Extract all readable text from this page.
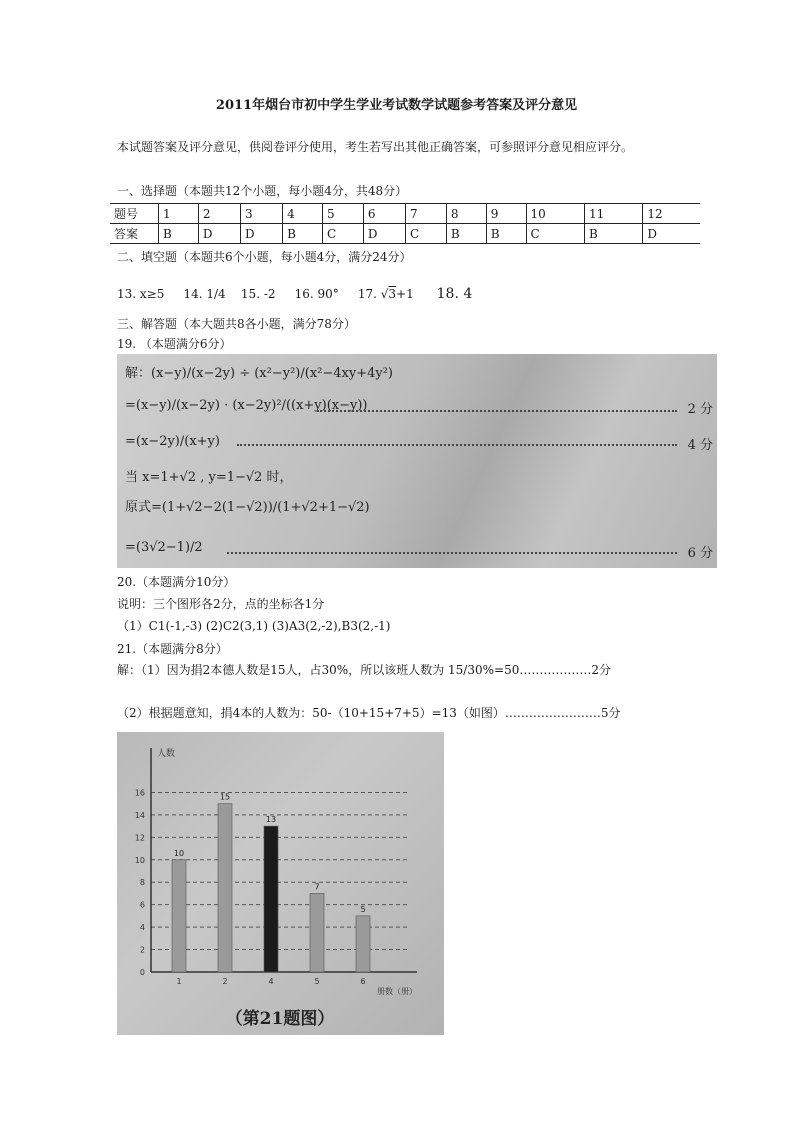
2011年烟台市初中学生学业考试数学试题参考答案及评分意见
本试题答案及评分意见，供阅卷评分使用，考生若写出其他正确答案，可参照评分意见相应评分。
一、选择题（本题共12个小题，每小题4分，共48分）
题号	1	2	3	4	5	6	7	8	9	10	11	12
答案	B	D	D	B	C	D	C	B	B	C	B	D
二、填空题（本题共6个小题，每小题4分，满分24分）
13. x≥5 14. 1/4 15. -2 16. 90° 17. √3+1 18. 4
三、解答题（本大题共8各小题，满分78分）
19. （本题满分6分）
解：(x−y)/(x−2y) ÷ (x²−y²)/(x²−4xy+4y²)
=(x−y)/(x−2y) · (x−2y)²/((x+y)(x−y))	2 分
=(x−2y)/(x+y)	4 分
当 x=1+√2 , y=1−√2 时，
原式=(1+√2−2(1−√2))/(1+√2+1−√2)
=(3√2−1)/2	6 分
20.（本题满分10分）
说明：三个图形各2分，点的坐标各1分
（1）C1(-1,-3) (2)C2(3,1) (3)A3(2,-2),B3(2,-1)
21.（本题满分8分）
解：（1）因为捐2本德人数是15人，占30%，所以该班人数为 15/30%=50………………2分
（2）根据题意知，捐4本的人数为：50-（10+15+7+5）=13（如图）……………………5分
0
2
4
6
8
10
12
14
16
人数
册数（册）
10
1
15
2
13
4
7
5
5
6
（第21题图）
